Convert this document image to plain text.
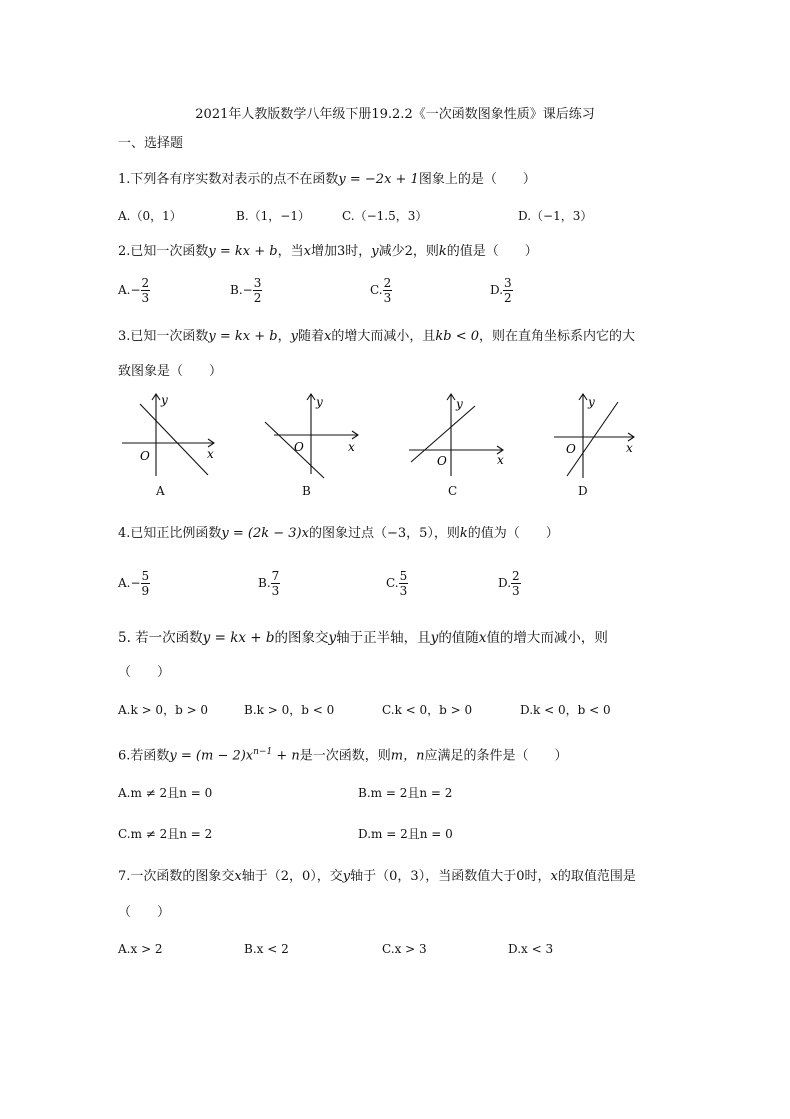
2021年人教版数学八年级下册19.2.2《一次函数图象性质》课后练习
一、选择题
1.下列各有序实数对表示的点不在函数y = −2x + 1图象上的是（　　）
A.（0，1）	B.（1，−1）	C.（−1.5，3）	D.（−1，3）
2.已知一次函数y = kx + b，当x增加3时，y减少2，则k的值是（　　）
$A.- \frac{2}{3}$	$B.- \frac{3}{2}$	C. $\frac{2}{3}$	D. $\frac{3}{2}$
3.已知一次函数y = kx + b，y随着x的增大而减小，且kb < 0，则在直角坐标系内它的大
致图象是（　　）
y
x
O
A
y
x
O
B
y
x
O
C
y
x
O
D
4.已知正比例函数y = (2k − 3)x的图象过点（−3，5），则k的值为（　　）
$A.- \frac{5}{9}$	B. $\frac{7}{3}$	C. $\frac{5}{3}$	D. $\frac{2}{3}$
5. 若一次函数y = kx + b的图象交y轴于正半轴，且y的值随x值的增大而减小，则
（　　）
A.k > 0，b > 0	B.k > 0，b < 0	C.k < 0，b > 0	D.k < 0，b < 0
6.若函数$y = (m - 2)x^{n-1} + n$是一次函数，则m，n应满足的条件是（　　）
A.m ≠ 2且n = 0	B.m = 2且n = 2
C.m ≠ 2且n = 2	D.m = 2且n = 0
7.一次函数的图象交x轴于（2，0），交y轴于（0，3），当函数值大于0时，x的取值范围是
（　　）
A.x > 2	B.x < 2	C.x > 3	D.x < 3
